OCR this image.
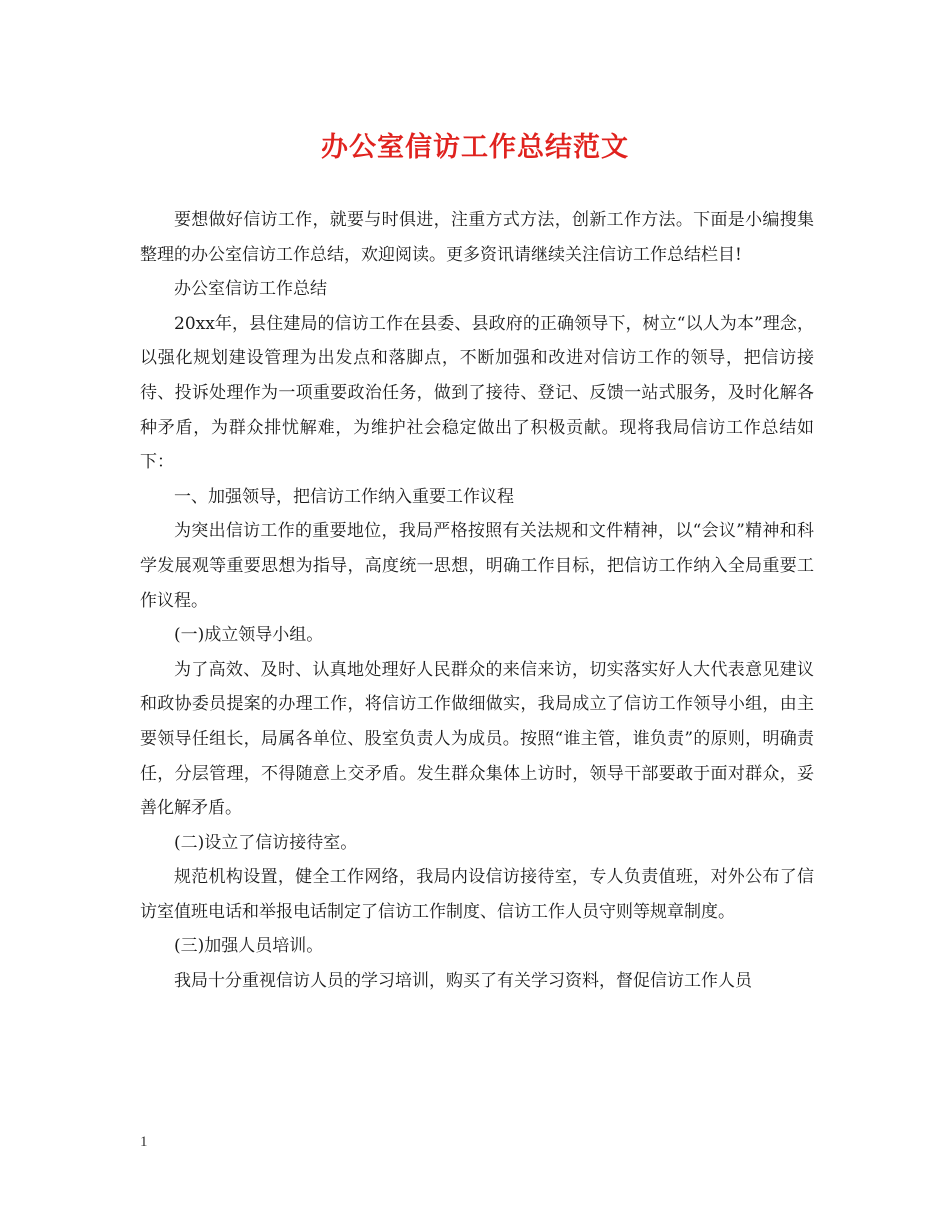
办公室信访工作总结范文

要想做好信访工作，就要与时俱进，注重方式方法，创新工作方法。下面是小编搜集整理的办公室信访工作总结，欢迎阅读。更多资讯请继续关注信访工作总结栏目!

办公室信访工作总结

20xx年，县住建局的信访工作在县委、县政府的正确领导下，树立“以人为本”理念，以强化规划建设管理为出发点和落脚点，不断加强和改进对信访工作的领导，把信访接待、投诉处理作为一项重要政治任务，做到了接待、登记、反馈一站式服务，及时化解各种矛盾，为群众排忧解难，为维护社会稳定做出了积极贡献。现将我局信访工作总结如下：

一、加强领导，把信访工作纳入重要工作议程

为突出信访工作的重要地位，我局严格按照有关法规和文件精神，以“会议”精神和科学发展观等重要思想为指导，高度统一思想，明确工作目标，把信访工作纳入全局重要工作议程。

(一)成立领导小组。

为了高效、及时、认真地处理好人民群众的来信来访，切实落实好人大代表意见建议和政协委员提案的办理工作，将信访工作做细做实，我局成立了信访工作领导小组，由主要领导任组长，局属各单位、股室负责人为成员。按照“谁主管，谁负责”的原则，明确责任，分层管理，不得随意上交矛盾。发生群众集体上访时，领导干部要敢于面对群众，妥善化解矛盾。

(二)设立了信访接待室。

规范机构设置，健全工作网络，我局内设信访接待室，专人负责值班，对外公布了信访室值班电话和举报电话制定了信访工作制度、信访工作人员守则等规章制度。

(三)加强人员培训。

我局十分重视信访人员的学习培训，购买了有关学习资料，督促信访工作人员

1
